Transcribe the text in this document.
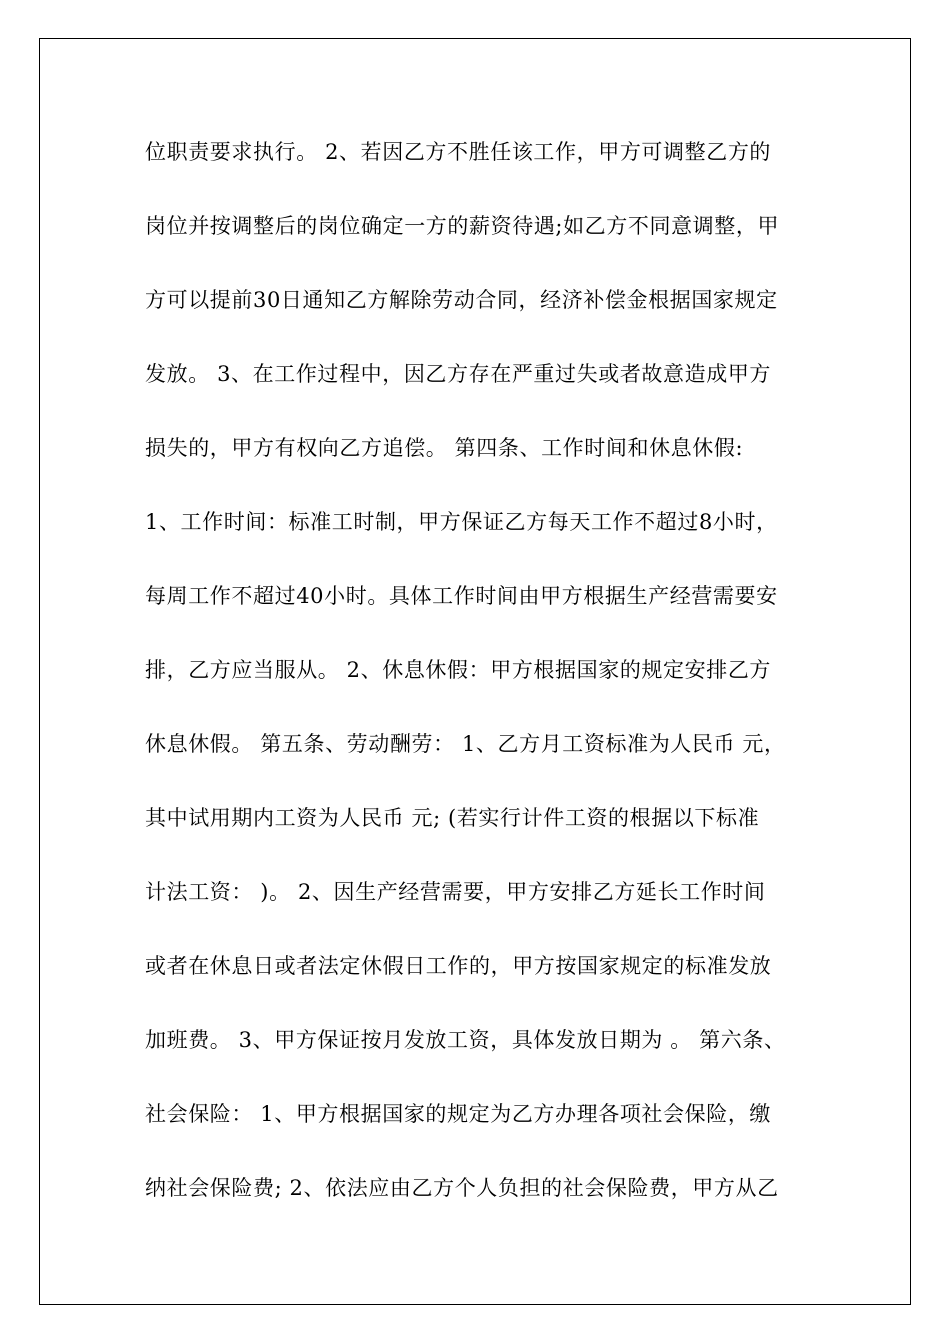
位职责要求执行。 2、若因乙方不胜任该工作，甲方可调整乙方的
岗位并按调整后的岗位确定一方的薪资待遇;如乙方不同意调整，甲
方可以提前30日通知乙方解除劳动合同，经济补偿金根据国家规定
发放。 3、在工作过程中，因乙方存在严重过失或者故意造成甲方
损失的，甲方有权向乙方追偿。 第四条、工作时间和休息休假:
1、工作时间：标准工时制，甲方保证乙方每天工作不超过8小时，
每周工作不超过40小时。具体工作时间由甲方根据生产经营需要安
排，乙方应当服从。 2、休息休假：甲方根据国家的规定安排乙方
休息休假。 第五条、劳动酬劳： 1、乙方月工资标准为人民币 元，
其中试用期内工资为人民币 元; (若实行计件工资的根据以下标准
计法工资： )。 2、因生产经营需要，甲方安排乙方延长工作时间
或者在休息日或者法定休假日工作的，甲方按国家规定的标准发放
加班费。 3、甲方保证按月发放工资，具体发放日期为 。 第六条、
社会保险： 1、甲方根据国家的规定为乙方办理各项社会保险，缴
纳社会保险费; 2、依法应由乙方个人负担的社会保险费，甲方从乙
